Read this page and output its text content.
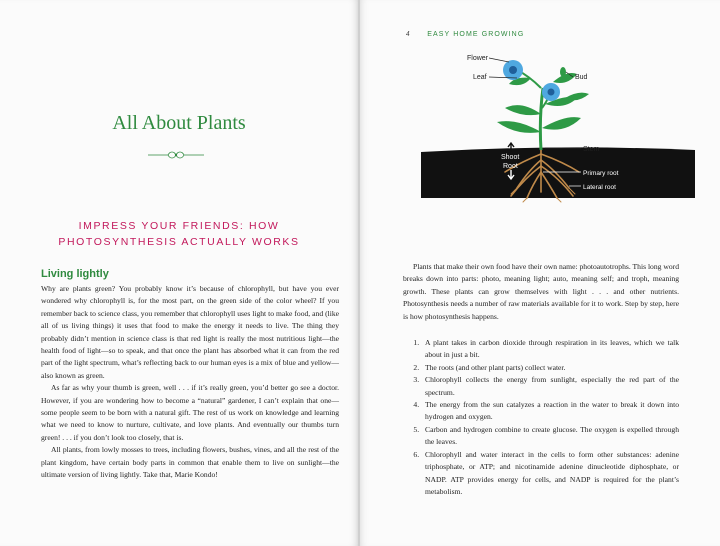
All About Plants
IMPRESS YOUR FRIENDS: HOW
PHOTOSYNTHESIS ACTUALLY WORKS
Living lightly

Why are plants green? You probably know it’s because of chlorophyll, but have you ever wondered why chlorophyll is, for the most part, on the green side of the color wheel? If you remember back to science class, you remember that chlorophyll uses light to make food, and (like all of us living things) it uses that food to make the energy it needs to live. The thing they probably didn’t mention in science class is that red light is really the most nutritious light—the health food of light—so to speak, and that once the plant has absorbed what it can from the red part of the light spectrum, what’s reflecting back to our human eyes is a mix of blue and yellow—also known as green.

As far as why your thumb is green, well . . . if it’s really green, you’d better go see a doctor. However, if you are wondering how to become a “natural” gardener, I can’t explain that one—some people seem to be born with a natural gift. The rest of us work on knowledge and learning what we need to know to nurture, cultivate, and love plants. And eventually our thumbs turn green! . . . if you don’t look too closely, that is.

All plants, from lowly mosses to trees, including flowers, bushes, vines, and all the rest of the plant kingdom, have certain body parts in common that enable them to live on sunlight—the ultimate version of living lightly. Take that, Marie Kondo!

4	EASY HOME GROWING
Flower
Leaf	Bud
Stem
Shoot
Root
Primary root
Lateral root

Plants that make their own food have their own name: photoautotrophs. This long word breaks down into parts: photo, meaning light; auto, meaning self; and troph, meaning growth. These plants can grow themselves with light . . . and other nutrients. Photosynthesis needs a number of raw materials available for it to work. Step by step, here is how photosynthesis happens.

1. A plant takes in carbon dioxide through respiration in its leaves, which we talk about in just a bit.
2. The roots (and other plant parts) collect water.
3. Chlorophyll collects the energy from sunlight, especially the red part of the spectrum.
4. The energy from the sun catalyzes a reaction in the water to break it down into hydrogen and oxygen.
5. Carbon and hydrogen combine to create glucose. The oxygen is expelled through the leaves.
6. Chlorophyll and water interact in the cells to form other substances: adenine triphosphate, or ATP; and nicotinamide adenine dinucleotide diphosphate, or NADP. ATP provides energy for cells, and NADP is required for the plant’s metabolism.
